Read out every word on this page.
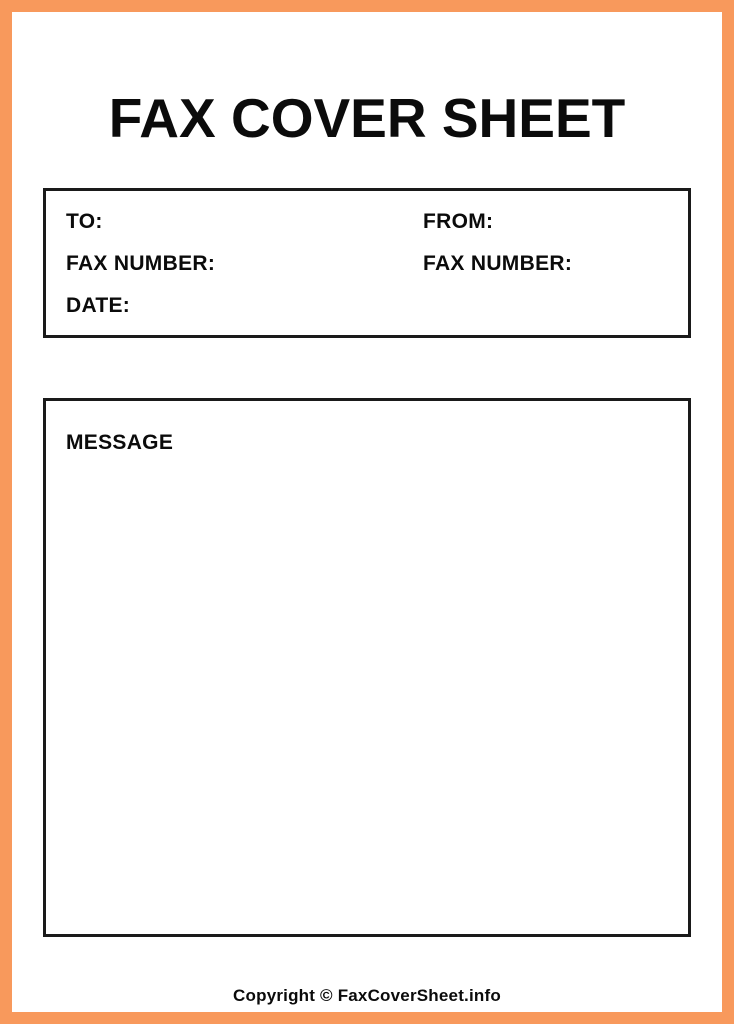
FAX COVER SHEET
TO:	FROM:
FAX NUMBER:	FAX NUMBER:
DATE:
MESSAGE
Copyright © FaxCoverSheet.info
